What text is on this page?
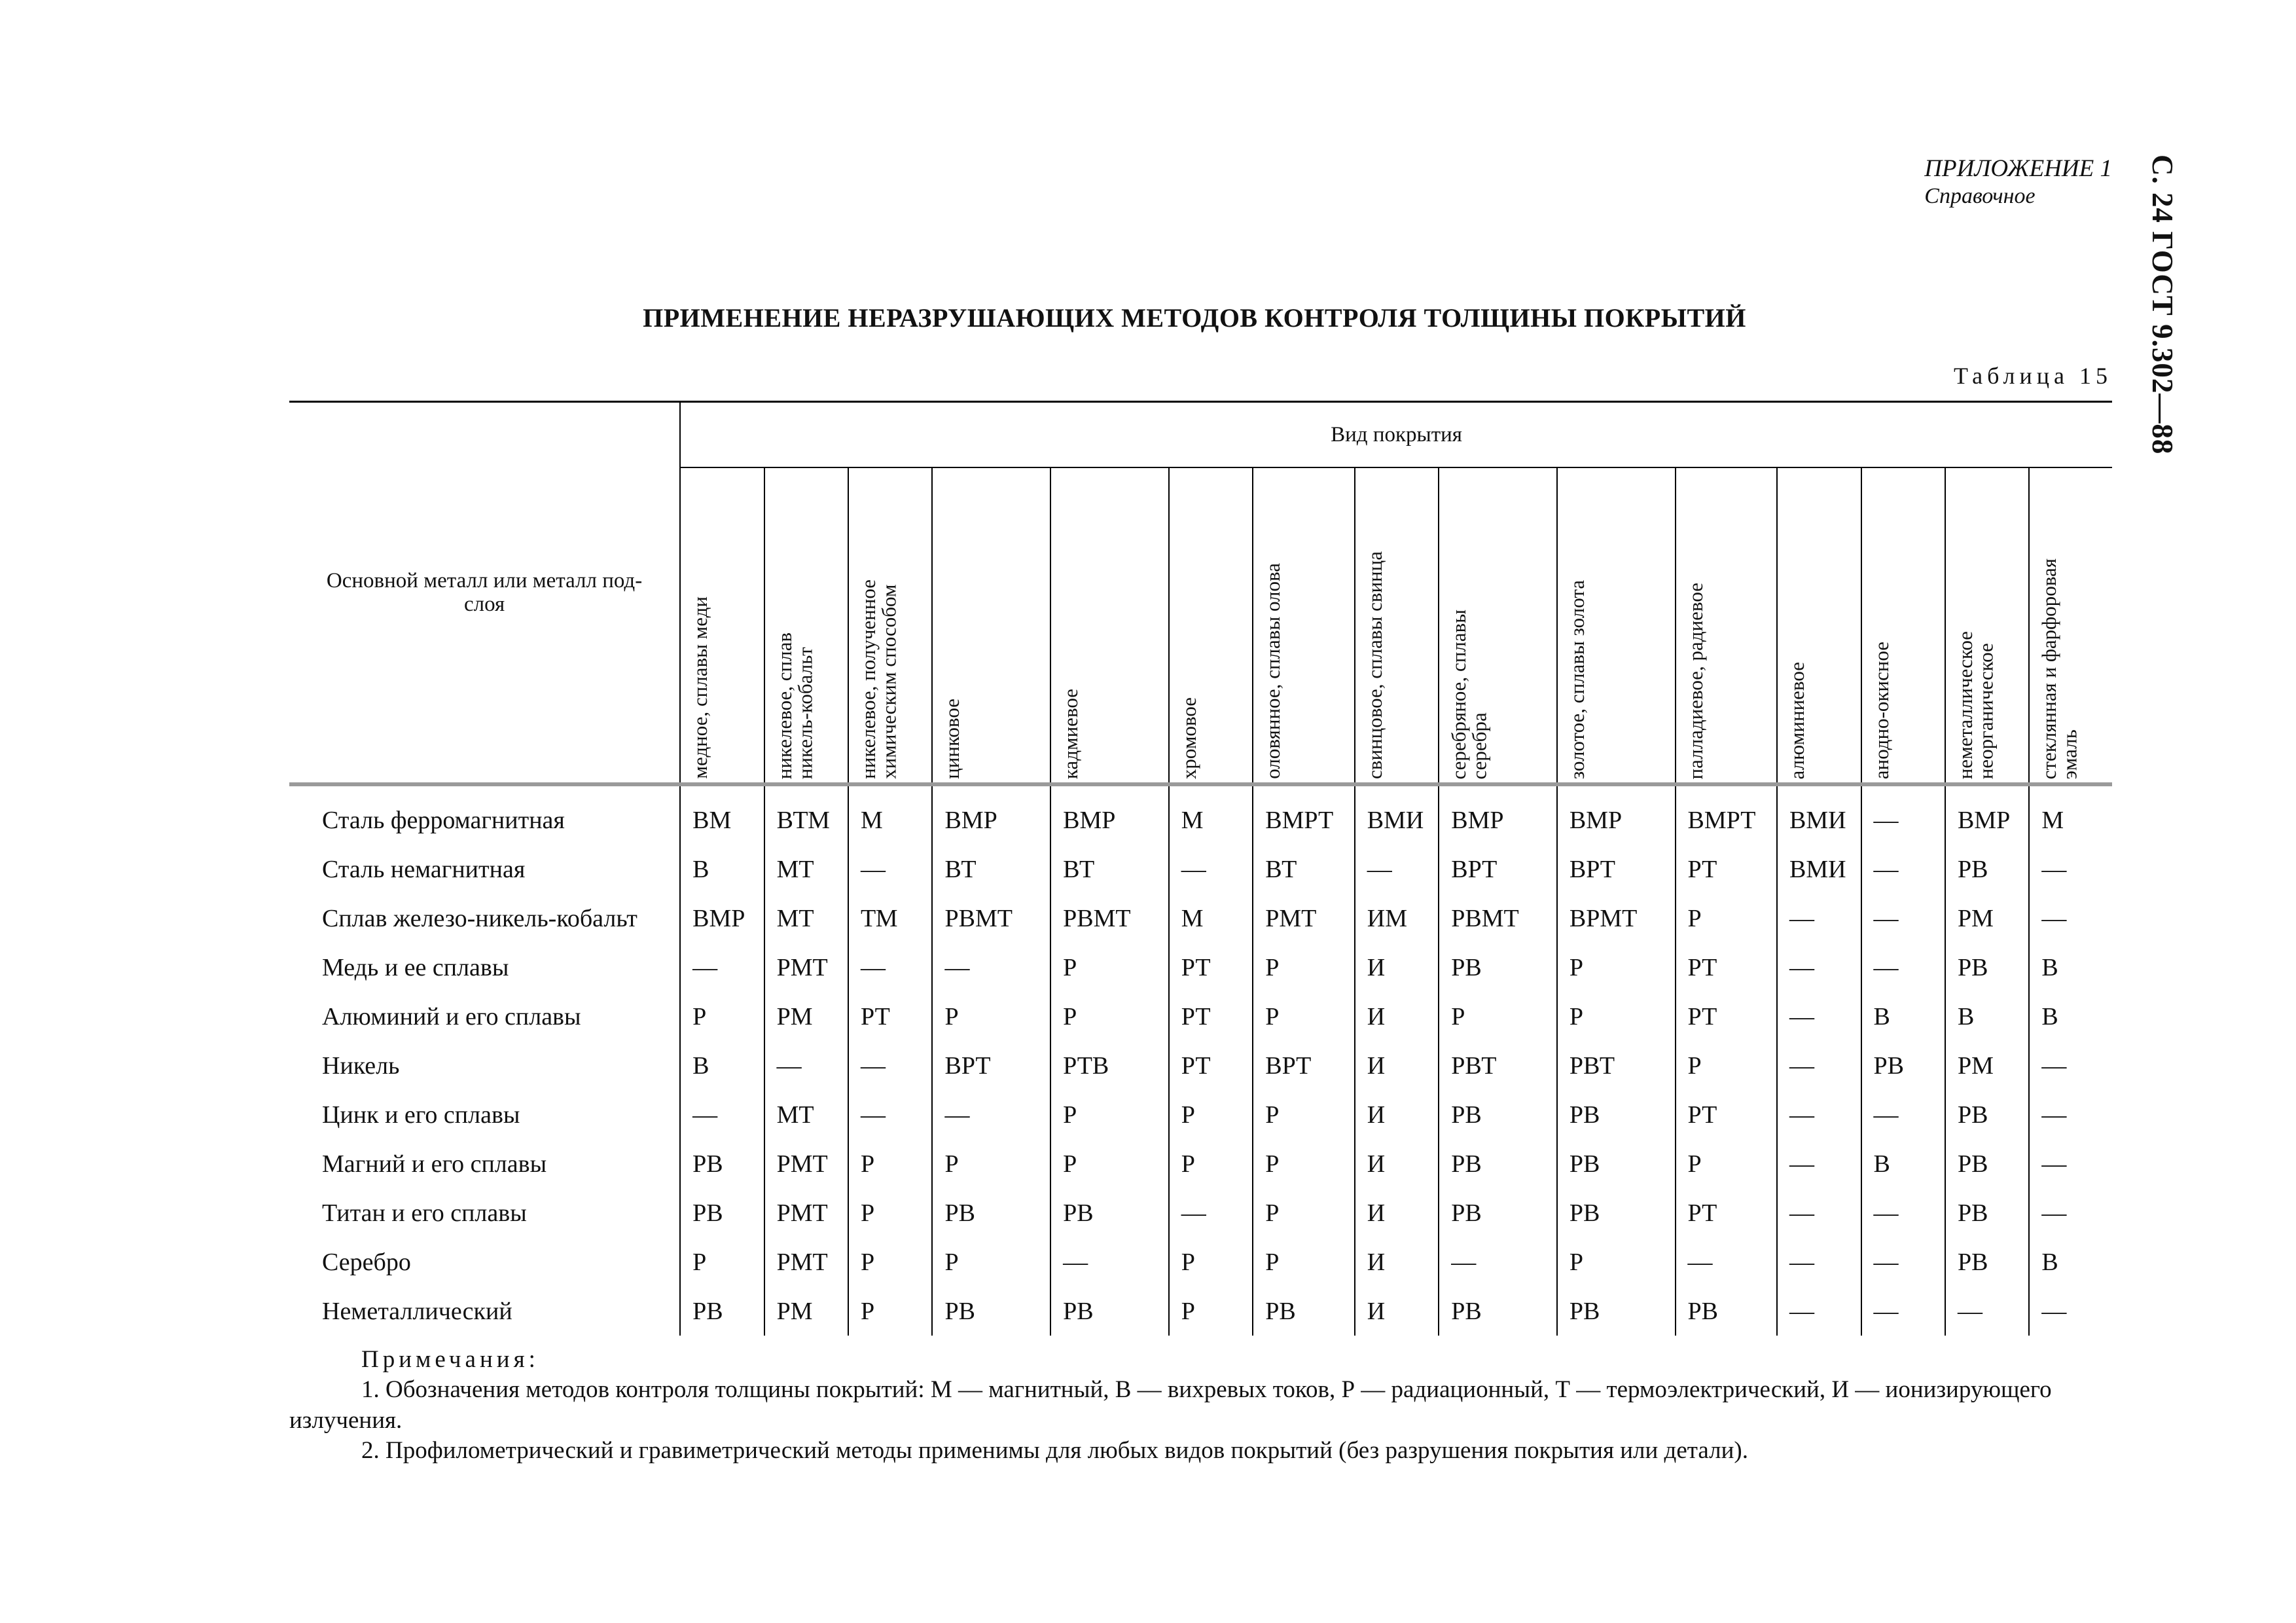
ПРИЛОЖЕНИЕ 1
Справочное	С. 24 ГОСТ 9.302—88
ПРИМЕНЕНИЕ НЕРАЗРУШАЮЩИХ МЕТОДОВ КОНТРОЛЯ ТОЛЩИНЫ ПОКРЫТИЙ
Таблица 15
Основной металл или металл под-
слоя	Вид покрытия														
	медное, сплавы меди	никелевое, сплав
никель-кобальт	никелевое, полученное
химическим способом	цинковое	кадмиевое	хромовое	оловянное, сплавы олова	свинцовое, сплавы свинца	серебряное, сплавы
серебра	золотое, сплавы золота	палладиевое, радиевое	алюминиевое	анодно-окисное	неметаллическое
неорганическое	стеклянная и фарфоровая
эмаль
Сталь ферромагнитная	ВМ	ВТМ	М	ВМР	ВМР	М	ВМРТ	ВМИ	ВМР	ВМР	ВМРТ	ВМИ	—	ВМР	М
Сталь немагнитная	В	МТ	—	ВТ	ВТ	—	ВТ	—	ВРТ	ВРТ	РТ	ВМИ	—	РВ	—
Сплав железо-никель-кобальт	ВМР	МТ	ТМ	РВМТ	РВМТ	М	РМТ	ИМ	РВМТ	ВРМТ	Р	—	—	РМ	—
Медь и ее сплавы	—	РМТ	—	—	Р	РТ	Р	И	РВ	Р	РТ	—	—	РВ	В
Алюминий и его сплавы	Р	РМ	РТ	Р	Р	РТ	Р	И	Р	Р	РТ	—	В	В	В
Никель	В	—	—	ВРТ	РТВ	РТ	ВРТ	И	РВТ	РВТ	Р	—	РВ	РМ	—
Цинк и его сплавы	—	МТ	—	—	Р	Р	Р	И	РВ	РВ	РТ	—	—	РВ	—
Магний и его сплавы	РВ	РМТ	Р	Р	Р	Р	Р	И	РВ	РВ	Р	—	В	РВ	—
Титан и его сплавы	РВ	РМТ	Р	РВ	РВ	—	Р	И	РВ	РВ	РТ	—	—	РВ	—
Серебро	Р	РМТ	Р	Р	—	Р	Р	И	—	Р	—	—	—	РВ	В
Неметаллический	РВ	РМ	Р	РВ	РВ	Р	РВ	И	РВ	РВ	РВ	—	—	—	—
Примечания:
1. Обозначения методов контроля толщины покрытий: М — магнитный, В — вихревых токов, Р — радиационный, Т — термоэлектрический, И — ионизирующего излучения.
2. Профилометрический и гравиметрический методы применимы для любых видов покрытий (без разрушения покрытия или детали).
